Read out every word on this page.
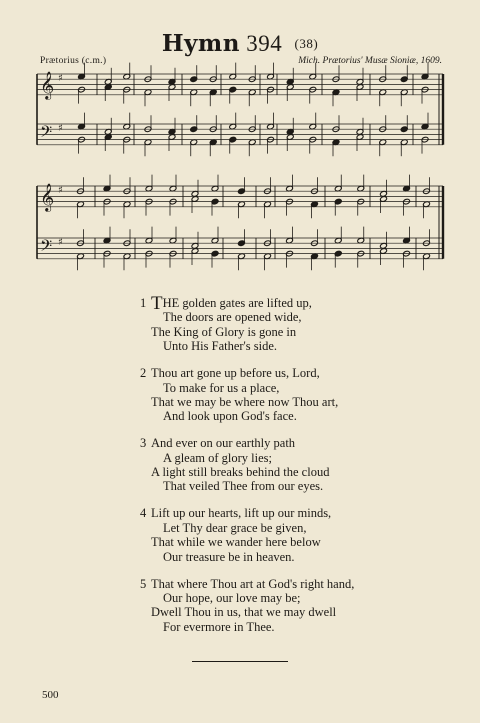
Hymn 394 (38)
Prætorius (c.m.)	Mich. Prætorius' Musæ Sioniæ, 1609.
𝄞 ♯
𝄢 ♯
𝄞 ♯
𝄢 ♯
1 THE golden gates are lifted up,
The doors are opened wide,
The King of Glory is gone in
Unto His Father's side.
2 Thou art gone up before us, Lord,
To make for us a place,
That we may be where now Thou art,
And look upon God's face.
3 And ever on our earthly path
A gleam of glory lies;
A light still breaks behind the cloud
That veiled Thee from our eyes.
4 Lift up our hearts, lift up our minds,
Let Thy dear grace be given,
That while we wander here below
Our treasure be in heaven.
5 That where Thou art at God's right hand,
Our hope, our love may be;
Dwell Thou in us, that we may dwell
For evermore in Thee.
500
